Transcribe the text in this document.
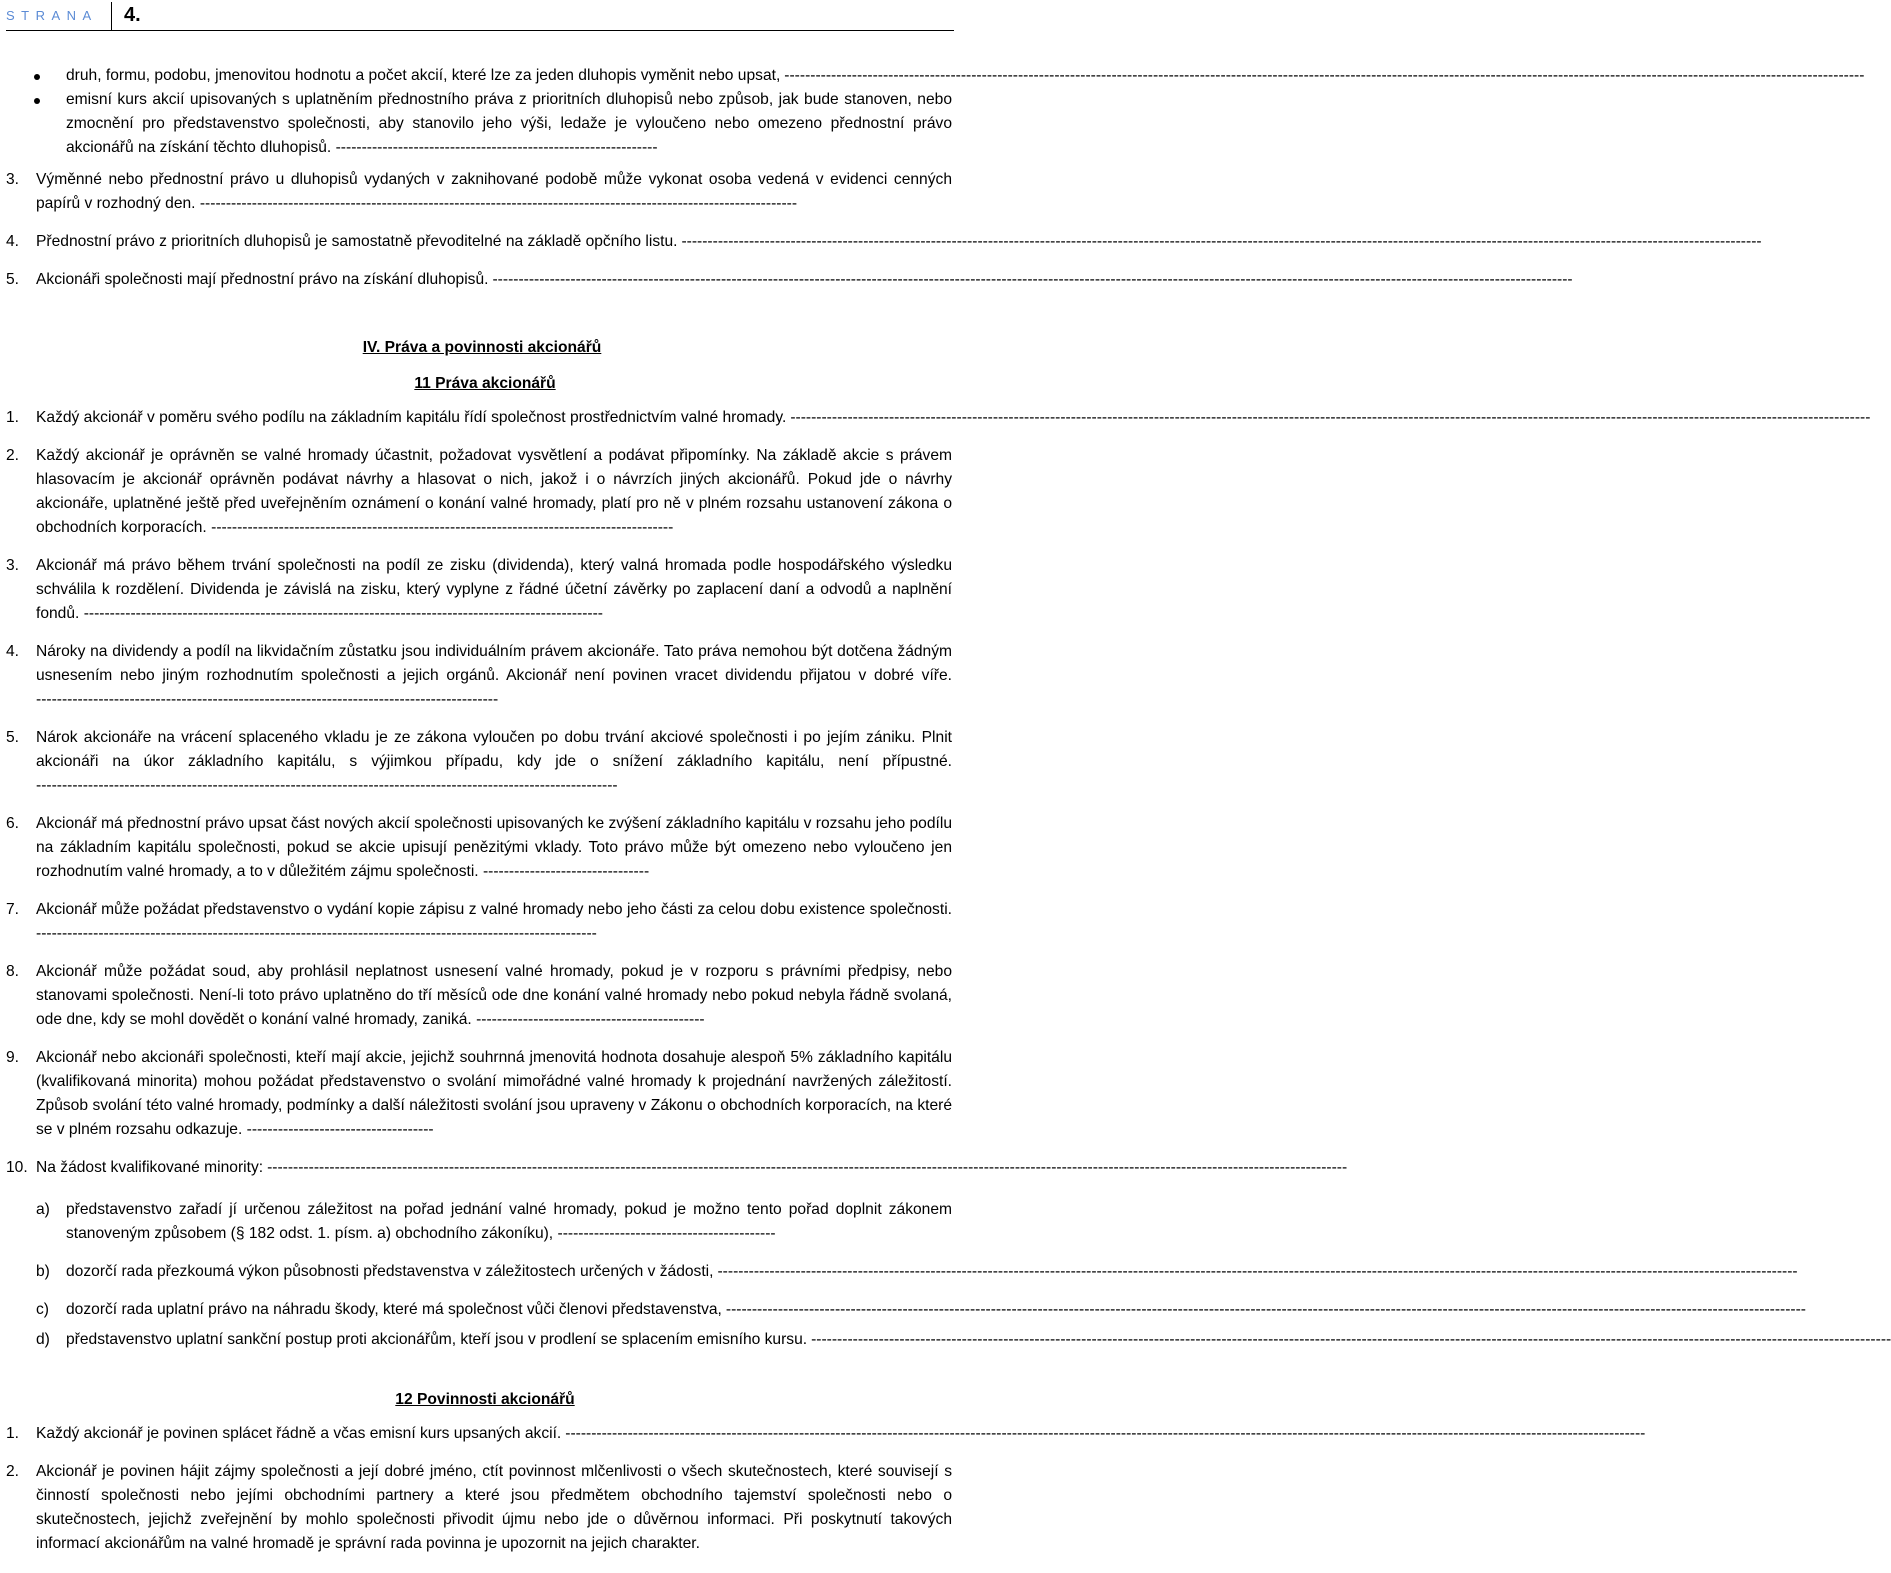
STRANA 4.
druh, formu, podobu, jmenovitou hodnotu a počet akcií, které lze za jeden dluhopis vyměnit nebo upsat, ----------------------------------------------------------------------------------------------------------------------------------------------------------------------------------------------------------------
emisní kurs akcií upisovaných s uplatněním přednostního práva z prioritních dluhopisů nebo způsob, jak bude stanoven, nebo zmocnění pro představenstvo společnosti, aby stanovilo jeho výši, ledaže je vyloučeno nebo omezeno přednostní právo akcionářů na získání těchto dluhopisů. --------------------------------------------------------------
3. Výměnné nebo přednostní právo u dluhopisů vydaných v zaknihované podobě může vykonat osoba vedená v evidenci cenných papírů v rozhodný den. -------------------------------------------------------------------------------------------------------------------
4. Přednostní právo z prioritních dluhopisů je samostatně převoditelné na základě opčního listu. ----------------------------------------------------------------------------------------------------------------------------------------------------------------------------------------------------------------
5. Akcionáři společnosti mají přednostní právo na získání dluhopisů. ----------------------------------------------------------------------------------------------------------------------------------------------------------------------------------------------------------------
IV. Práva a povinnosti akcionářů
11 Práva akcionářů
1. Každý akcionář v poměru svého podílu na základním kapitálu řídí společnost prostřednictvím valné hromady. ----------------------------------------------------------------------------------------------------------------------------------------------------------------------------------------------------------------
2. Každý akcionář je oprávněn se valné hromady účastnit, požadovat vysvětlení a podávat připomínky. Na základě akcie s právem hlasovacím je akcionář oprávněn podávat návrhy a hlasovat o nich, jakož i o návrzích jiných akcionářů. Pokud jde o návrhy akcionáře, uplatněné ještě před uveřejněním oznámení o konání valné hromady, platí pro ně v plném rozsahu ustanovení zákona o obchodních korporacích. -----------------------------------------------------------------------------------------
3. Akcionář má právo během trvání společnosti na podíl ze zisku (dividenda), který valná hromada podle hospodářského výsledku schválila k rozdělení. Dividenda je závislá na zisku, který vyplyne z řádné účetní závěrky po zaplacení daní a odvodů a naplnění fondů. ----------------------------------------------------------------------------------------------------
4. Nároky na dividendy a podíl na likvidačním zůstatku jsou individuálním právem akcionáře. Tato práva nemohou být dotčena žádným usnesením nebo jiným rozhodnutím společnosti a jejich orgánů. Akcionář není povinen vracet dividendu přijatou v dobré víře. -----------------------------------------------------------------------------------------
5. Nárok akcionáře na vrácení splaceného vkladu je ze zákona vyloučen po dobu trvání akciové společnosti i po jejím zániku. Plnit akcionáři na úkor základního kapitálu, s výjimkou případu, kdy jde o snížení základního kapitálu, není přípustné. ----------------------------------------------------------------------------------------------------------------
6. Akcionář má přednostní právo upsat část nových akcií společnosti upisovaných ke zvýšení základního kapitálu v rozsahu jeho podílu na základním kapitálu společnosti, pokud se akcie upisují penězitými vklady. Toto právo může být omezeno nebo vyloučeno jen rozhodnutím valné hromady, a to v důležitém zájmu společnosti. --------------------------------
7. Akcionář může požádat představenstvo o vydání kopie zápisu z valné hromady nebo jeho části za celou dobu existence společnosti. ------------------------------------------------------------------------------------------------------------
8. Akcionář může požádat soud, aby prohlásil neplatnost usnesení valné hromady, pokud je v rozporu s právními předpisy, nebo stanovami společnosti. Není-li toto právo uplatněno do tří měsíců ode dne konání valné hromady nebo pokud nebyla řádně svolaná, ode dne, kdy se mohl dovědět o konání valné hromady, zaniká. --------------------------------------------
9. Akcionář nebo akcionáři společnosti, kteří mají akcie, jejichž souhrnná jmenovitá hodnota dosahuje alespoň 5% základního kapitálu (kvalifikovaná minorita) mohou požádat představenstvo o svolání mimořádné valné hromady k projednání navržených záležitostí. Způsob svolání této valné hromady, podmínky a další náležitosti svolání jsou upraveny v Zákonu o obchodních korporacích, na které se v plném rozsahu odkazuje. ------------------------------------
10. Na žádost kvalifikované minority: ----------------------------------------------------------------------------------------------------------------------------------------------------------------------------------------------------------------
a) představenstvo zařadí jí určenou záležitost na pořad jednání valné hromady, pokud je možno tento pořad doplnit zákonem stanoveným způsobem (§ 182 odst. 1. písm. a) obchodního zákoníku), ------------------------------------------
b) dozorčí rada přezkoumá výkon působnosti představenstva v záležitostech určených v žádosti, ----------------------------------------------------------------------------------------------------------------------------------------------------------------------------------------------------------------
c) dozorčí rada uplatní právo na náhradu škody, které má společnost vůči členovi představenstva, ----------------------------------------------------------------------------------------------------------------------------------------------------------------------------------------------------------------
d) představenstvo uplatní sankční postup proti akcionářům, kteří jsou v prodlení se splacením emisního kursu. ----------------------------------------------------------------------------------------------------------------------------------------------------------------------------------------------------------------
12 Povinnosti akcionářů
1. Každý akcionář je povinen splácet řádně a včas emisní kurs upsaných akcií. ----------------------------------------------------------------------------------------------------------------------------------------------------------------------------------------------------------------
2. Akcionář je povinen hájit zájmy společnosti a její dobré jméno, ctít povinnost mlčenlivosti o všech skutečnostech, které souvisejí s činností společnosti nebo jejími obchodními partnery a které jsou předmětem obchodního tajemství společnosti nebo o skutečnostech, jejichž zveřejnění by mohlo společnosti přivodit újmu nebo jde o důvěrnou informaci. Při poskytnutí takových informací akcionářům na valné hromadě je správní rada povinna je upozornit na jejich charakter.
